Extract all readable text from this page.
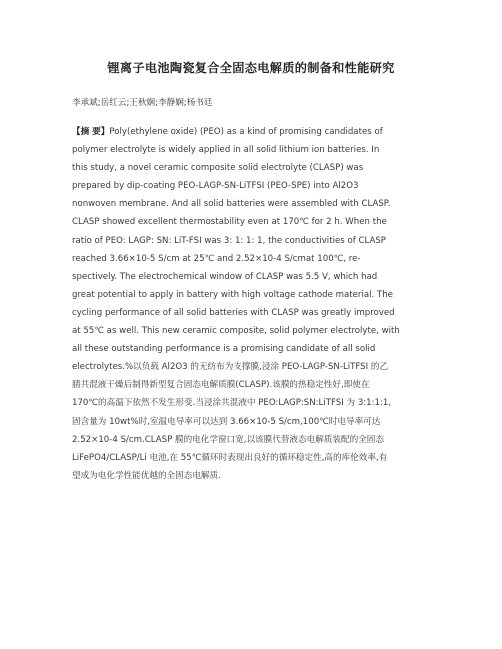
锂离子电池陶瓷复合全固态电解质的制备和性能研究
李承斌;岳红云;王秋娴;李静娴;杨书廷
【摘 要】Poly(ethylene oxide) (PEO) as a kind of promising candidates of
polymer electrolyte is widely applied in all solid lithium ion batteries. In
this study, a novel ceramic composite solid electrolyte (CLASP) was
prepared by dip-coating PEO-LAGP-SN-LiTFSI (PEO-SPE) into Al2O3
nonwoven membrane. And all solid batteries were assembled with CLASP.
CLASP showed excellent thermostability even at 170℃ for 2 h. When the
ratio of PEO: LAGP: SN: LiT-FSI was 3: 1: 1: 1, the conductivities of CLASP
reached 3.66×10-5 S/cm at 25℃ and 2.52×10-4 S/cmat 100℃, re-
spectively. The electrochemical window of CLASP was 5.5 V, which had
great potential to apply in battery with high voltage cathode material. The
cycling performance of all solid batteries with CLASP was greatly improved
at 55℃ as well. This new ceramic composite, solid polymer electrolyte, with
all these outstanding performance is a promising candidate of all solid
electrolytes.%以负载 Al2O3 的无纺布为支撑膜,浸涂 PEO-LAGP-SN-LiTFSI 的乙
腈共混液干燥后制得新型复合固态电解质膜(CLASP).该膜的热稳定性好,即使在
170℃的高温下依然不发生形变.当浸涂共混液中 PEO:LAGP:SN:LiTFSI 为 3:1:1:1,
固含量为 10wt%时,室温电导率可以达到 3.66×10-5 S/cm,100℃时电导率可达
2.52×10-4 S/cm.CLASP 膜的电化学窗口宽,以该膜代替液态电解质装配的全固态
LiFePO4/CLASP/Li 电池,在 55℃循环时表现出良好的循环稳定性,高的库伦效率,有
望成为电化学性能优越的全固态电解质.
